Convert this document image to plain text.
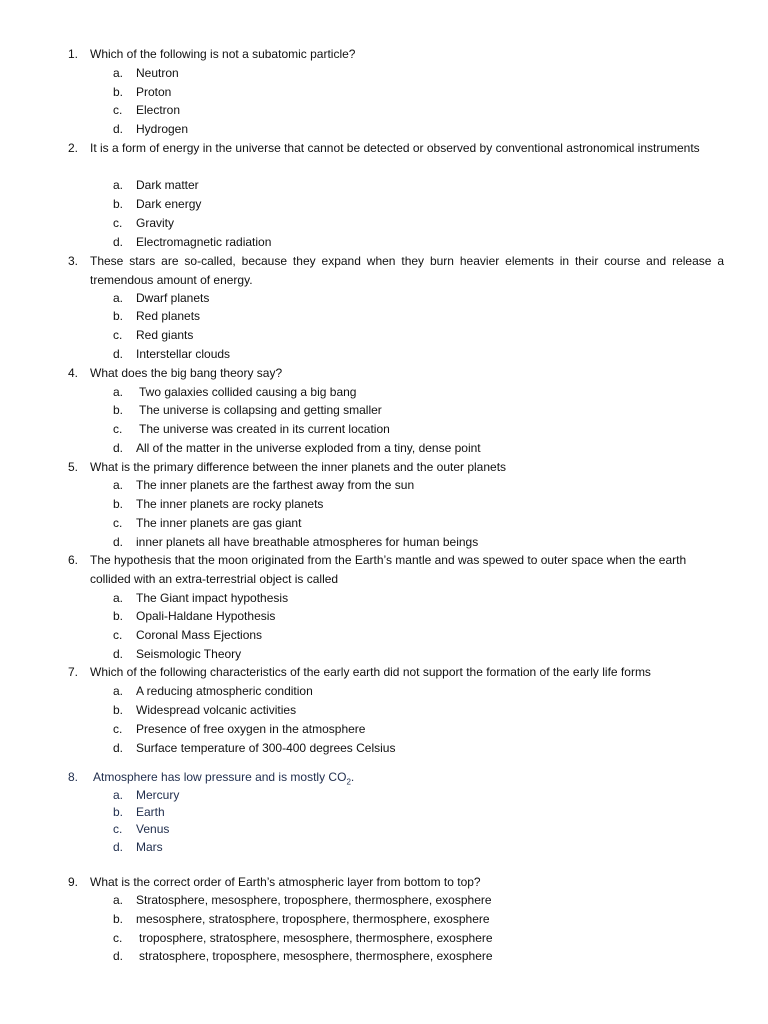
1. Which of the following is not a subatomic particle?
a. Neutron
b. Proton
c. Electron
d. Hydrogen
2. It is a form of energy in the universe that cannot be detected or observed by conventional astronomical instruments
a. Dark matter
b. Dark energy
c. Gravity
d. Electromagnetic radiation
3. These stars are so-called, because they expand when they burn heavier elements in their course and release a tremendous amount of energy.
a. Dwarf planets
b. Red planets
c. Red giants
d. Interstellar clouds
4. What does the big bang theory say?
a. Two galaxies collided causing a big bang
b. The universe is collapsing and getting smaller
c. The universe was created in its current location
d. All of the matter in the universe exploded from a tiny, dense point
5. What is the primary difference between the inner planets and the outer planets
a. The inner planets are the farthest away from the sun
b. The inner planets are rocky planets
c. The inner planets are gas giant
d. inner planets all have breathable atmospheres for human beings
6. The hypothesis that the moon originated from the Earth’s mantle and was spewed to outer space when the earth collided with an extra-terrestrial object is called
a. The Giant impact hypothesis
b. Opali-Haldane Hypothesis
c. Coronal Mass Ejections
d. Seismologic Theory
7. Which of the following characteristics of the early earth did not support the formation of the early life forms
a. A reducing atmospheric condition
b. Widespread volcanic activities
c. Presence of free oxygen in the atmosphere
d. Surface temperature of 300-400 degrees Celsius
8. Atmosphere has low pressure and is mostly $CO_2$.
a. Mercury
b. Earth
c. Venus
d. Mars
9. What is the correct order of Earth’s atmospheric layer from bottom to top?
a. Stratosphere, mesosphere, troposphere, thermosphere, exosphere
b. mesosphere, stratosphere, troposphere, thermosphere, exosphere
c. troposphere, stratosphere, mesosphere, thermosphere, exosphere
d. stratosphere, troposphere, mesosphere, thermosphere, exosphere
